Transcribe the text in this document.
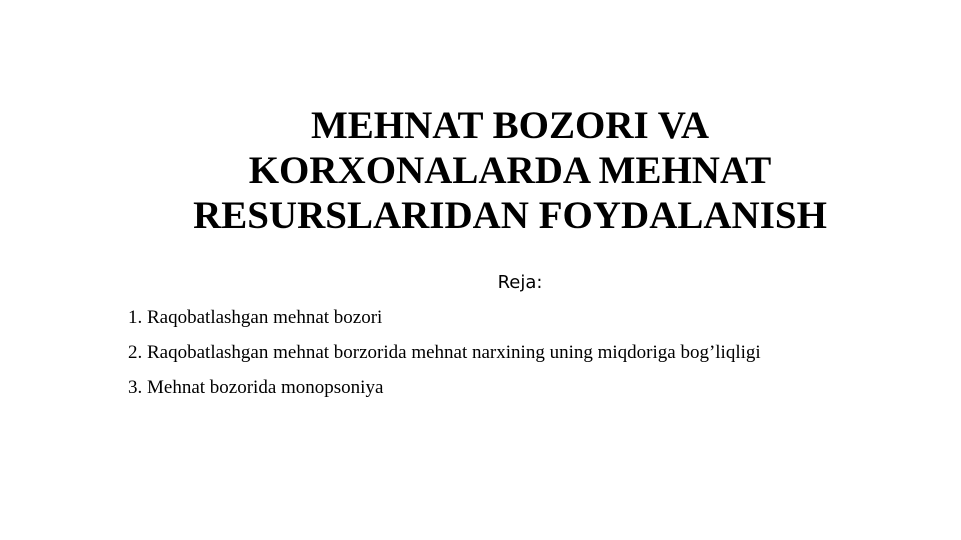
MEHNAT BOZORI VA
KORXONALARDA MEHNAT
RESURSLARIDAN FOYDALANISH
Reja:
1. Raqobatlashgan mehnat bozori
2. Raqobatlashgan mehnat borzorida mehnat narxining uning miqdoriga bog’liqligi
3. Mehnat bozorida monopsoniya
